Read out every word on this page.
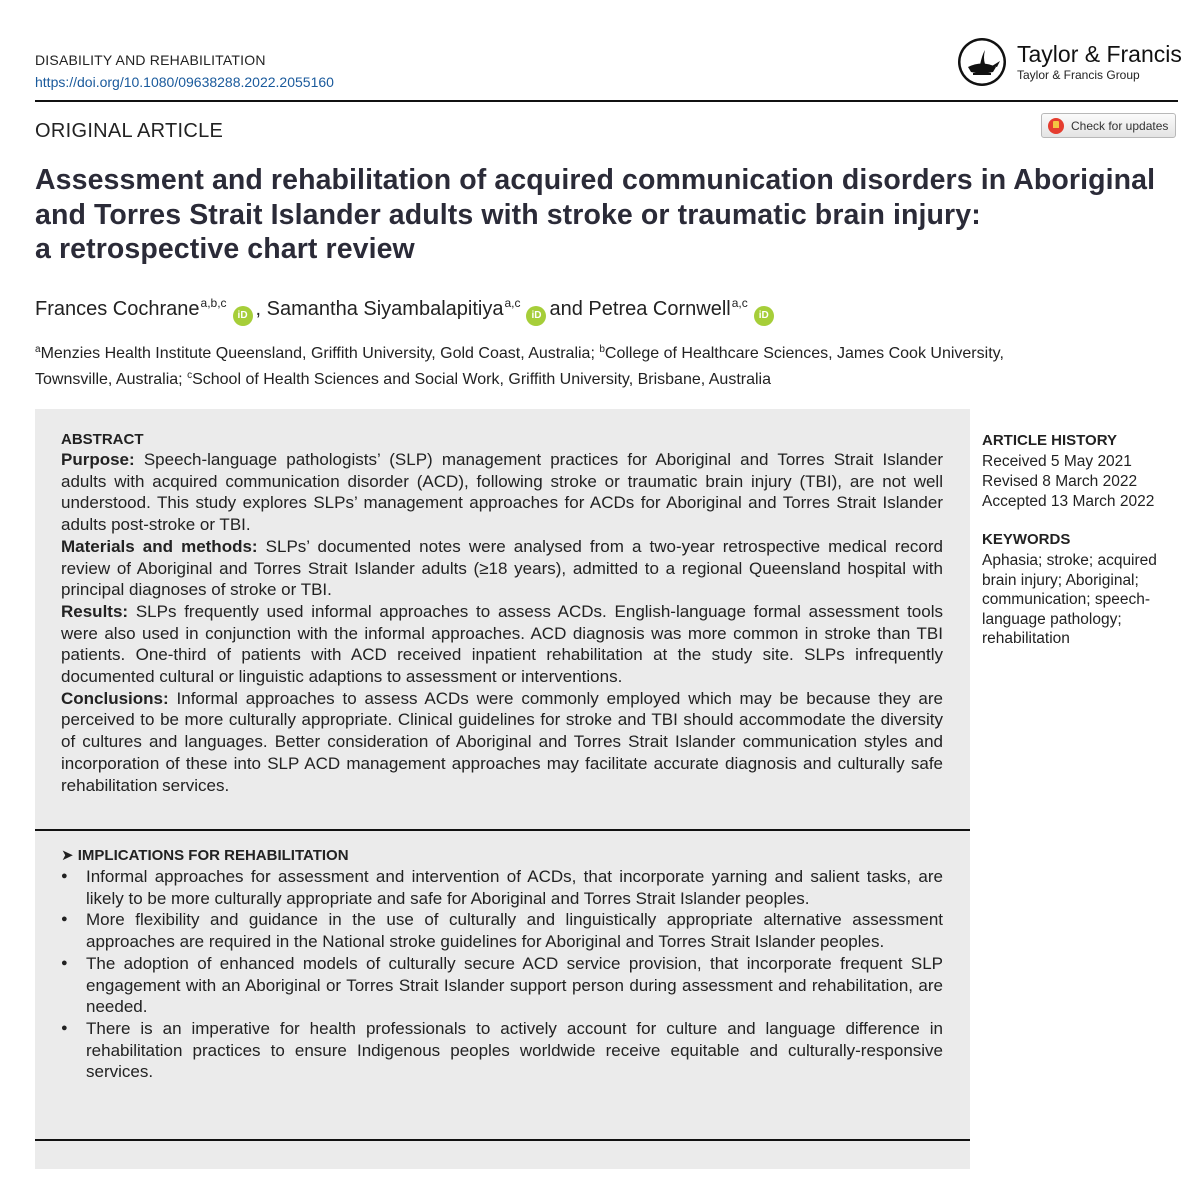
DISABILITY AND REHABILITATION
https://doi.org/10.1080/09638288.2022.2055160
Taylor & Francis
Taylor & Francis Group
ORIGINAL ARTICLE	Check for updates
Assessment and rehabilitation of acquired communication disorders in Aboriginal
and Torres Strait Islander adults with stroke or traumatic brain injury:
a retrospective chart review
Frances Cochrane$^{a,b,c}$iD , Samantha Siyambalapitiya$^{a,c}$iD and Petrea Cornwell$^{a,c}$iD
$^a$Menzies Health Institute Queensland, Griffith University, Gold Coast, Australia; $^b$College of Healthcare Sciences, James Cook University,
Townsville, Australia; $^c$School of Health Sciences and Social Work, Griffith University, Brisbane, Australia
ABSTRACT
Purpose: Speech-language pathologists’ (SLP) management practices for Aboriginal and Torres Strait Islander adults with acquired communication disorder (ACD), following stroke or traumatic brain injury (TBI), are not well understood. This study explores SLPs’ management approaches for ACDs for Aboriginal and Torres Strait Islander adults post-stroke or TBI.
Materials and methods: SLPs’ documented notes were analysed from a two-year retrospective medical record review of Aboriginal and Torres Strait Islander adults (≥18 years), admitted to a regional Queensland hospital with principal diagnoses of stroke or TBI.
Results: SLPs frequently used informal approaches to assess ACDs. English-language formal assessment tools were also used in conjunction with the informal approaches. ACD diagnosis was more common in stroke than TBI patients. One-third of patients with ACD received inpatient rehabilitation at the study site. SLPs infrequently documented cultural or linguistic adaptions to assessment or interventions.
Conclusions: Informal approaches to assess ACDs were commonly employed which may be because they are perceived to be more culturally appropriate. Clinical guidelines for stroke and TBI should accommodate the diversity of cultures and languages. Better consideration of Aboriginal and Torres Strait Islander communication styles and incorporation of these into SLP ACD management approaches may facilitate accurate diagnosis and culturally safe rehabilitation services.
➤ IMPLICATIONS FOR REHABILITATION
● Informal approaches for assessment and intervention of ACDs, that incorporate yarning and salient tasks, are likely to be more culturally appropriate and safe for Aboriginal and Torres Strait Islander peoples.
● More flexibility and guidance in the use of culturally and linguistically appropriate alternative assessment approaches are required in the National stroke guidelines for Aboriginal and Torres Strait Islander peoples.
● The adoption of enhanced models of culturally secure ACD service provision, that incorporate frequent SLP engagement with an Aboriginal or Torres Strait Islander support person during assessment and rehabilitation, are needed.
● There is an imperative for health professionals to actively account for culture and language difference in rehabilitation practices to ensure Indigenous peoples worldwide receive equitable and culturally-responsive services.
ARTICLE HISTORY
Received 5 May 2021
Revised 8 March 2022
Accepted 13 March 2022
KEYWORDS
Aphasia; stroke; acquired brain injury; Aboriginal; communication; speech-language pathology; rehabilitation
